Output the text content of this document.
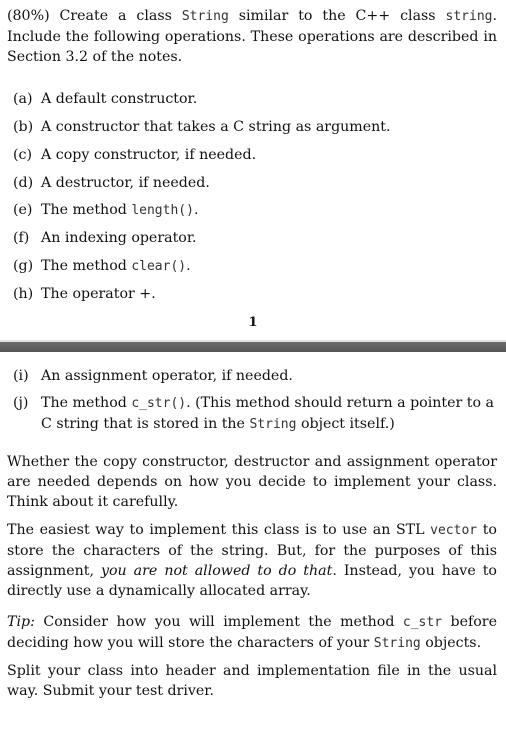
(80%) Create a class String similar to the C++ class string. Include the following operations. These operations are described in Section 3.2 of the notes.
(a) A default constructor.
(b) A constructor that takes a C string as argument.
(c) A copy constructor, if needed.
(d) A destructor, if needed.
(e) The method length().
(f) An indexing operator.
(g) The method clear().
(h) The operator +.
1
(i) An assignment operator, if needed.
(j) The method c_str(). (This method should return a pointer to a C string that is stored in the String object itself.)
Whether the copy constructor, destructor and assignment operator are needed depends on how you decide to implement your class. Think about it carefully.
The easiest way to implement this class is to use an STL vector to store the characters of the string. But, for the purposes of this assignment, you are not allowed to do that. Instead, you have to directly use a dynamically allocated array.
Tip: Consider how you will implement the method c_str before deciding how you will store the characters of your String objects.
Split your class into header and implementation file in the usual way. Submit your test driver.
